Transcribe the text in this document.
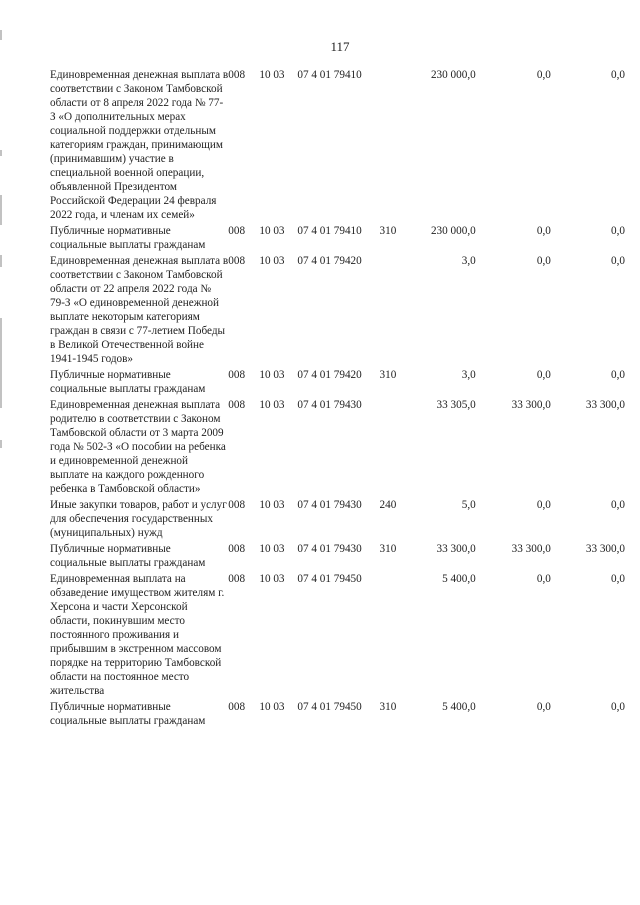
117
Единовременная денежная выплата в соответствии с Законом Тамбовской области от 8 апреля 2022 года № 77-З «О дополнительных мерах социальной поддержки отдельным категориям граждан, принимающим (принимавшим) участие в специальной военной операции, объявленной Президентом Российской Федерации 24 февраля 2022 года, и членам их семей»	008	10 03	07 4 01 79410		230 000,0	0,0	0,0
Публичные нормативные социальные выплаты гражданам	008	10 03	07 4 01 79410	310	230 000,0	0,0	0,0
Единовременная денежная выплата в соответствии с Законом Тамбовской области от 22 апреля 2022 года № 79-З «О единовременной денежной выплате некоторым категориям граждан в связи с 77-летием Победы в Великой Отечественной войне 1941-1945 годов»	008	10 03	07 4 01 79420		3,0	0,0	0,0
Публичные нормативные социальные выплаты гражданам	008	10 03	07 4 01 79420	310	3,0	0,0	0,0
Единовременная денежная выплата родителю в соответствии с Законом Тамбовской области от 3 марта 2009 года № 502-З «О пособии на ребенка и единовременной денежной выплате на каждого рожденного ребенка в Тамбовской области»	008	10 03	07 4 01 79430		33 305,0	33 300,0	33 300,0
Иные закупки товаров, работ и услуг для обеспечения государственных (муниципальных) нужд	008	10 03	07 4 01 79430	240	5,0	0,0	0,0
Публичные нормативные социальные выплаты гражданам	008	10 03	07 4 01 79430	310	33 300,0	33 300,0	33 300,0
Единовременная выплата на обзаведение имуществом жителям г. Херсона и части Херсонской области, покинувшим место постоянного проживания и прибывшим в экстренном массовом порядке на территорию Тамбовской области на постоянное место жительства	008	10 03	07 4 01 79450		5 400,0	0,0	0,0
Публичные нормативные социальные выплаты гражданам	008	10 03	07 4 01 79450	310	5 400,0	0,0	0,0
